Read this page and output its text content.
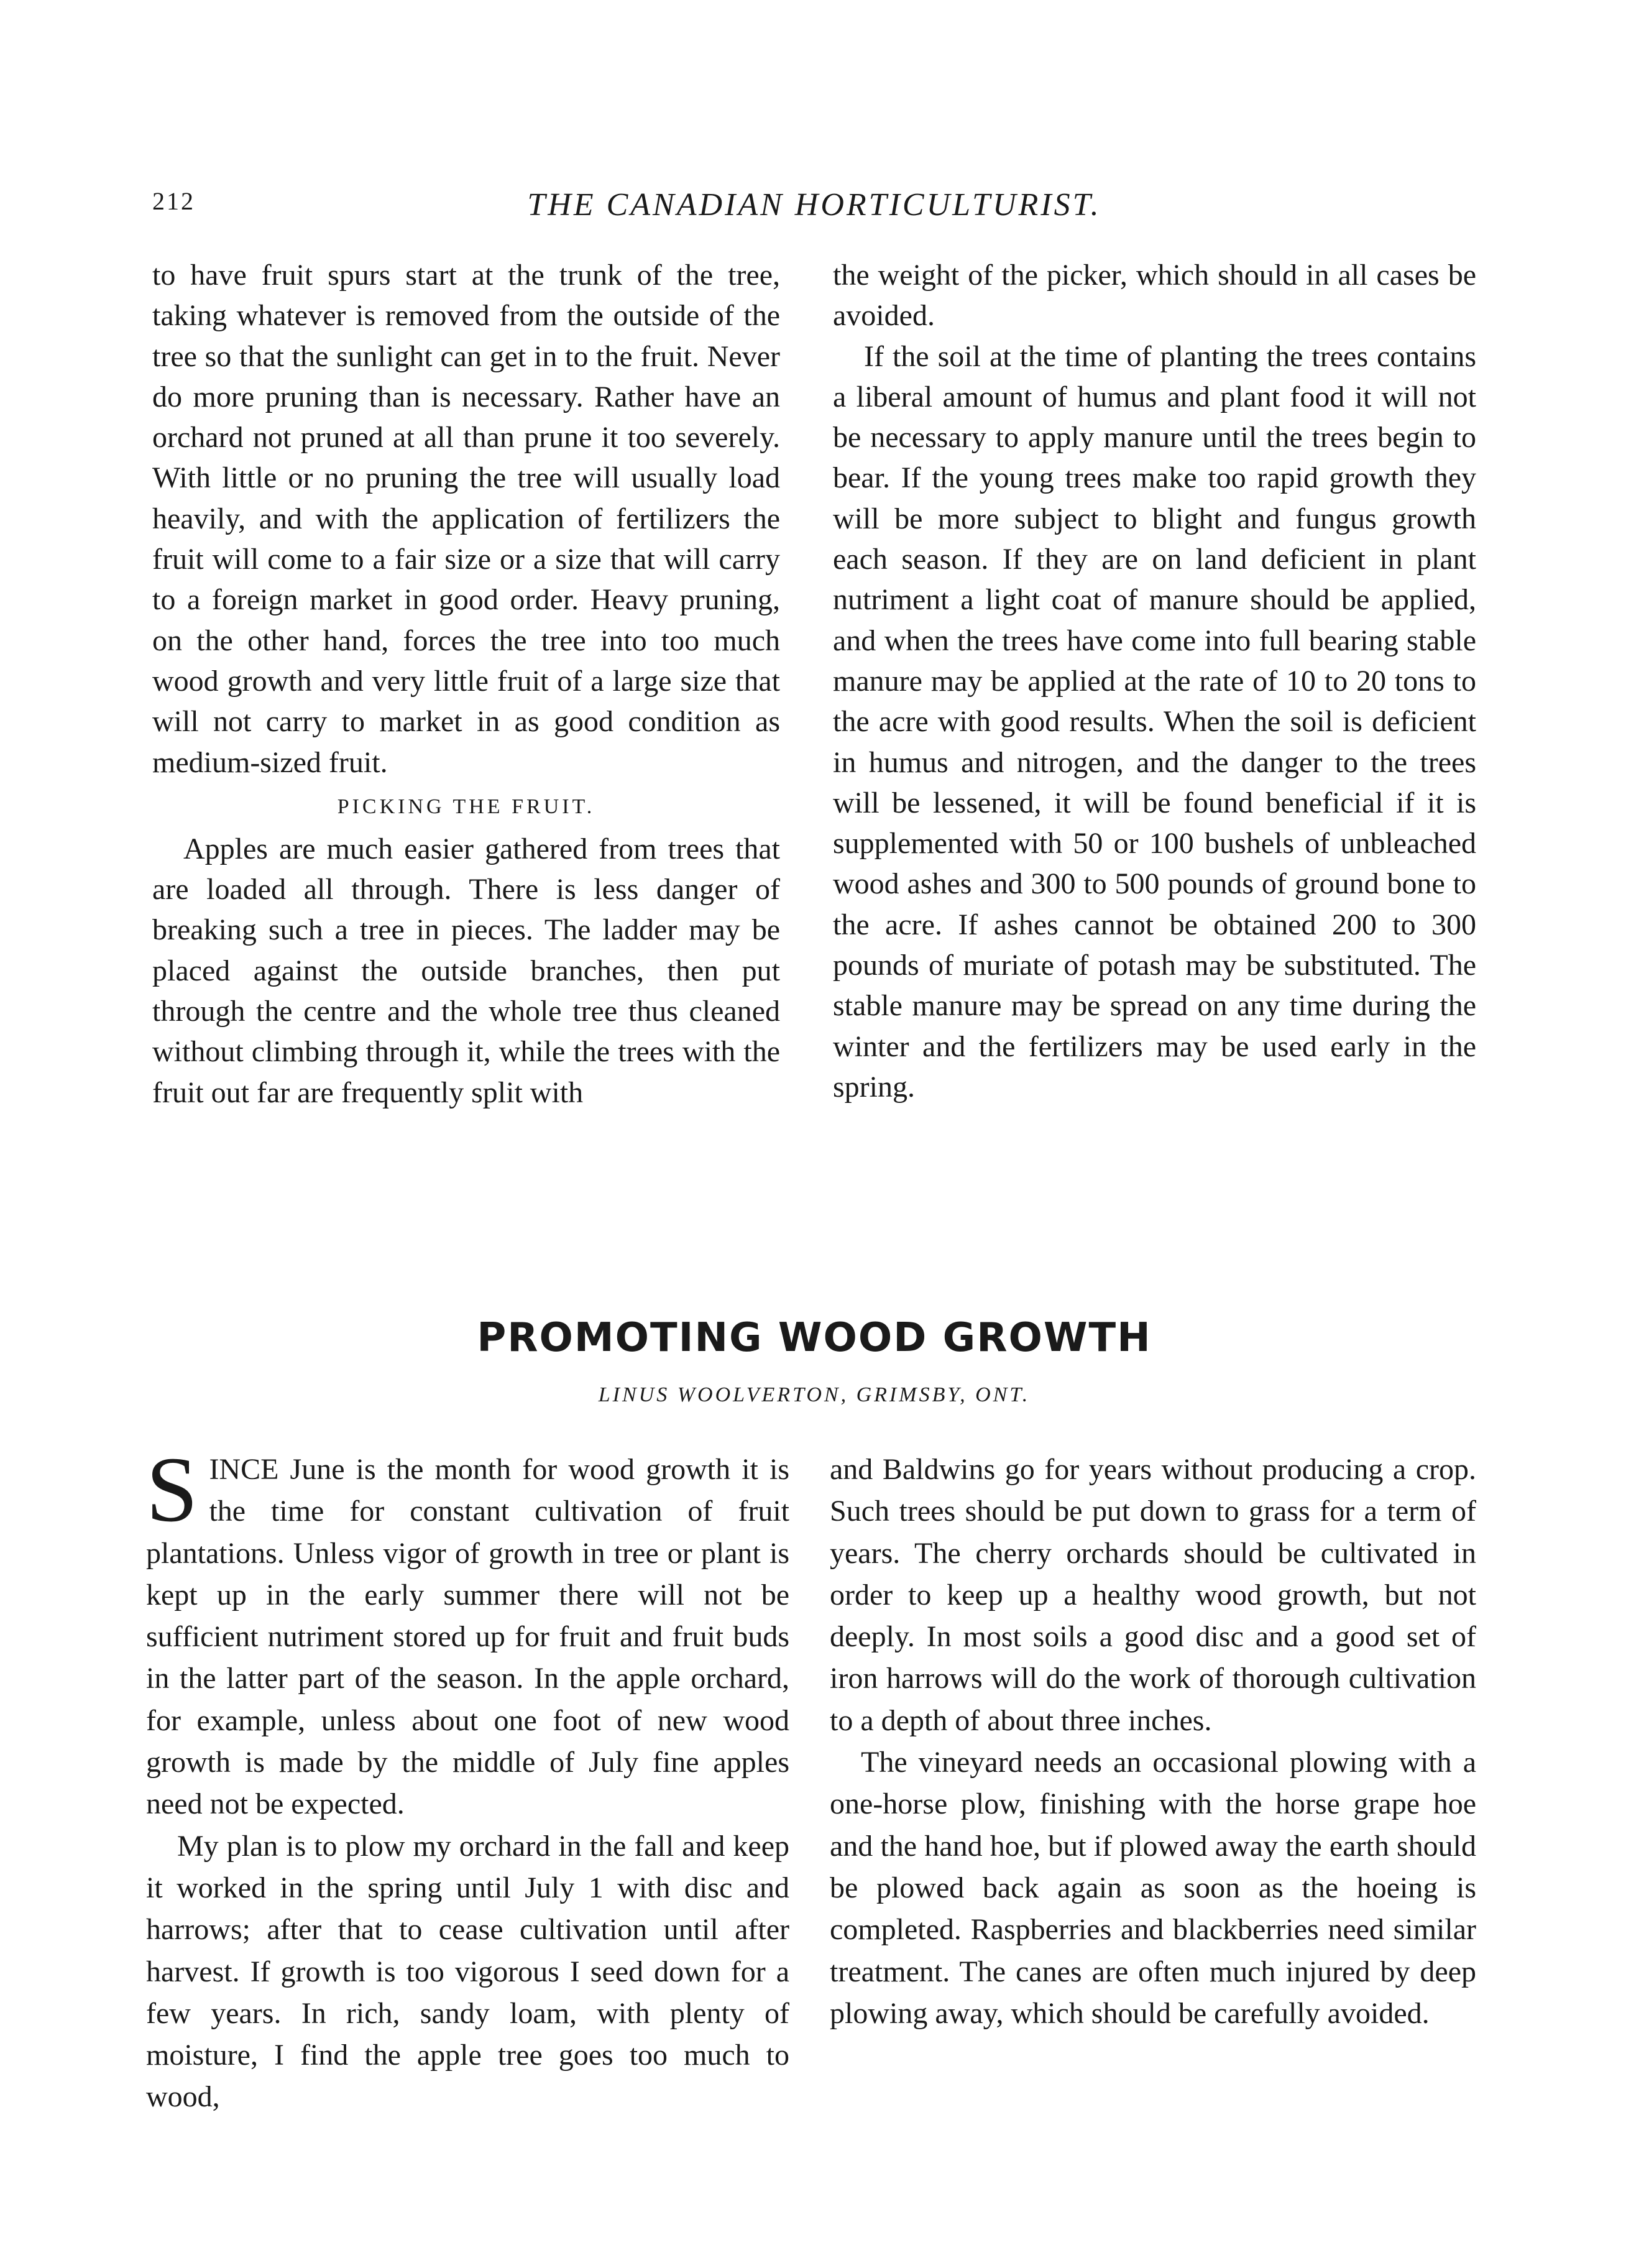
212	THE CANADIAN HORTICULTURIST.

to have fruit spurs start at the trunk of the tree, taking whatever is removed from the outside of the tree so that the sunlight can get in to the fruit. Never do more pruning than is necessary. Rather have an orchard not pruned at all than prune it too severely. With little or no pruning the tree will usually load heavily, and with the application of fertilizers the fruit will come to a fair size or a size that will carry to a foreign market in good order. Heavy pruning, on the other hand, forces the tree into too much wood growth and very little fruit of a large size that will not carry to market in as good condition as medium-sized fruit.

PICKING THE FRUIT.

Apples are much easier gathered from trees that are loaded all through. There is less danger of breaking such a tree in pieces. The ladder may be placed against the outside branches, then put through the centre and the whole tree thus cleaned without climbing through it, while the trees with the fruit out far are frequently split with

the weight of the picker, which should in all cases be avoided.

If the soil at the time of planting the trees contains a liberal amount of humus and plant food it will not be necessary to apply manure until the trees begin to bear. If the young trees make too rapid growth they will be more subject to blight and fungus growth each season. If they are on land deficient in plant nutriment a light coat of manure should be applied, and when the trees have come into full bearing stable manure may be applied at the rate of 10 to 20 tons to the acre with good results. When the soil is deficient in humus and nitrogen, and the danger to the trees will be lessened, it will be found beneficial if it is supplemented with 50 or 100 bushels of unbleached wood ashes and 300 to 500 pounds of ground bone to the acre. If ashes cannot be obtained 200 to 300 pounds of muriate of potash may be substituted. The stable manure may be spread on any time during the winter and the fertilizers may be used early in the spring.

PROMOTING WOOD GROWTH
LINUS WOOLVERTON, GRIMSBY, ONT.

SINCE June is the month for wood growth it is the time for constant cultivation of fruit plantations. Unless vigor of growth in tree or plant is kept up in the early summer there will not be sufficient nutriment stored up for fruit and fruit buds in the latter part of the season. In the apple orchard, for example, unless about one foot of new wood growth is made by the middle of July fine apples need not be expected.

My plan is to plow my orchard in the fall and keep it worked in the spring until July 1 with disc and harrows; after that to cease cultivation until after harvest. If growth is too vigorous I seed down for a few years. In rich, sandy loam, with plenty of moisture, I find the apple tree goes too much to wood,

and Baldwins go for years without producing a crop. Such trees should be put down to grass for a term of years. The cherry orchards should be cultivated in order to keep up a healthy wood growth, but not deeply. In most soils a good disc and a good set of iron harrows will do the work of thorough cultivation to a depth of about three inches.

The vineyard needs an occasional plowing with a one-horse plow, finishing with the horse grape hoe and the hand hoe, but if plowed away the earth should be plowed back again as soon as the hoeing is completed. Raspberries and blackberries need similar treatment. The canes are often much injured by deep plowing away, which should be carefully avoided.
